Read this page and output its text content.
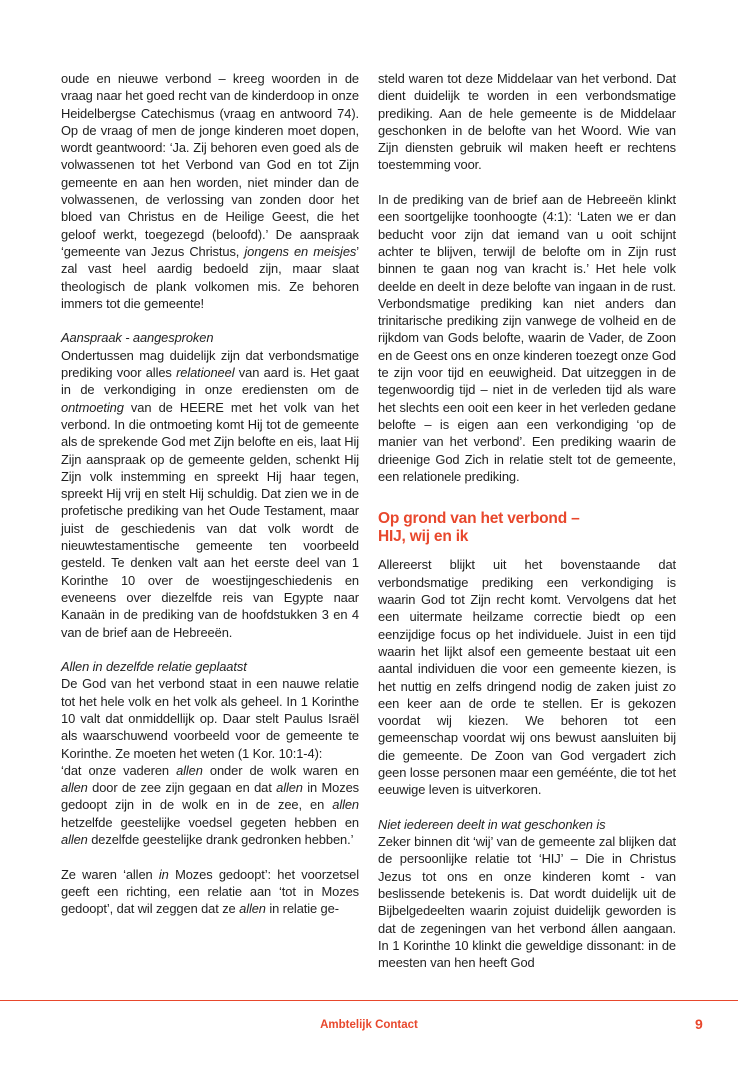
oude en nieuwe verbond – kreeg woorden in de vraag naar het goed recht van de kinderdoop in onze Heidelbergse Catechismus (vraag en antwoord 74). Op de vraag of men de jonge kinderen moet dopen, wordt geantwoord: ‘Ja. Zij behoren even goed als de volwassenen tot het Verbond van God en tot Zijn gemeente en aan hen worden, niet minder dan de volwassenen, de verlossing van zonden door het bloed van Christus en de Heilige Geest, die het geloof werkt, toegezegd (beloofd).’ De aanspraak ‘gemeente van Jezus Christus, jongens en meisjes’ zal vast heel aardig bedoeld zijn, maar slaat theologisch de plank volkomen mis. Ze behoren immers tot die gemeente!

Aanspraak - aangesproken

Ondertussen mag duidelijk zijn dat verbondsmatige prediking voor alles relationeel van aard is. Het gaat in de verkondiging in onze erediensten om de ontmoeting van de HEERE met het volk van het verbond. In die ontmoeting komt Hij tot de gemeente als de sprekende God met Zijn belofte en eis, laat Hij Zijn aanspraak op de gemeente gelden, schenkt Hij Zijn volk instemming en spreekt Hij haar tegen, spreekt Hij vrij en stelt Hij schuldig. Dat zien we in de profetische prediking van het Oude Testament, maar juist de geschiedenis van dat volk wordt de nieuwtestamentische gemeente ten voorbeeld gesteld. Te denken valt aan het eerste deel van 1 Korinthe 10 over de woestijngeschiedenis en eveneens over diezelfde reis van Egypte naar Kanaän in de prediking van de hoofdstukken 3 en 4 van de brief aan de Hebreeën.

Allen in dezelfde relatie geplaatst

De God van het verbond staat in een nauwe relatie tot het hele volk en het volk als geheel. In 1 Korinthe 10 valt dat onmiddellijk op. Daar stelt Paulus Israël als waarschuwend voorbeeld voor de gemeente te Korinthe. Ze moeten het weten (1 Kor. 10:1-4):

‘dat onze vaderen allen onder de wolk waren en allen door de zee zijn gegaan en dat allen in Mozes gedoopt zijn in de wolk en in de zee, en allen hetzelfde geestelijke voedsel gegeten hebben en allen dezelfde geestelijke drank gedronken hebben.’

Ze waren ‘allen in Mozes gedoopt’: het voorzetsel geeft een richting, een relatie aan ‘tot in Mozes gedoopt’, dat wil zeggen dat ze allen in relatie ge-

steld waren tot deze Middelaar van het verbond. Dat dient duidelijk te worden in een verbondsmatige prediking. Aan de hele gemeente is de Middelaar geschonken in de belofte van het Woord. Wie van Zijn diensten gebruik wil maken heeft er rechtens toestemming voor.

In de prediking van de brief aan de Hebreeën klinkt een soortgelijke toonhoogte (4:1): ‘Laten we er dan beducht voor zijn dat iemand van u ooit schijnt achter te blijven, terwijl de belofte om in Zijn rust binnen te gaan nog van kracht is.’ Het hele volk deelde en deelt in deze belofte van ingaan in de rust. Verbondsmatige prediking kan niet anders dan trinitarische prediking zijn vanwege de volheid en de rijkdom van Gods belofte, waarin de Vader, de Zoon en de Geest ons en onze kinderen toezegt onze God te zijn voor tijd en eeuwigheid. Dat uitzeggen in de tegenwoordig tijd – niet in de verleden tijd als ware het slechts een ooit een keer in het verleden gedane belofte – is eigen aan een verkondiging ‘op de manier van het verbond’. Een prediking waarin de drieenige God Zich in relatie stelt tot de gemeente, een relationele prediking.

Op grond van het verbond –
HIJ, wij en ik

Allereerst blijkt uit het bovenstaande dat verbondsmatige prediking een verkondiging is waarin God tot Zijn recht komt. Vervolgens dat het een uitermate heilzame correctie biedt op een eenzijdige focus op het individuele. Juist in een tijd waarin het lijkt alsof een gemeente bestaat uit een aantal individuen die voor een gemeente kiezen, is het nuttig en zelfs dringend nodig de zaken juist zo een keer aan de orde te stellen. Er is gekozen voordat wij kiezen. We behoren tot een gemeenschap voordat wij ons bewust aansluiten bij die gemeente. De Zoon van God vergadert zich geen losse personen maar een geméénte, die tot het eeuwige leven is uitverkoren.

Niet iedereen deelt in wat geschonken is

Zeker binnen dit ‘wij’ van de gemeente zal blijken dat de persoonlijke relatie tot ‘HIJ’ – Die in Christus Jezus tot ons en onze kinderen komt - van beslissende betekenis is. Dat wordt duidelijk uit de Bijbelgedeelten waarin zojuist duidelijk geworden is dat de zegeningen van het verbond állen aangaan. In 1 Korinthe 10 klinkt die geweldige dissonant: in de meesten van hen heeft God

Ambtelijk Contact	9
